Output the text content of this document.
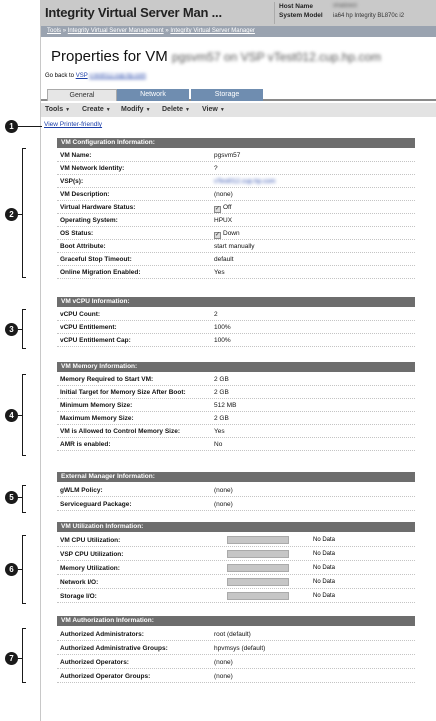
1
2
3
4
5
6
7
Integrity Virtual Server Man ...	Host Name	shadow3
System Model ia64 hp Integrity BL870c i2
Tools » Integrity Virtual Server Management » Integrity Virtual Server Manager
Properties for VM pgsvm57 on VSP vTest012.cup.hp.com
Go back to VSP vTest012.cup.hp.com
General	Network	Storage
Tools ▼ Create ▼ Modify ▼ Delete ▼ View ▼
View Printer-friendly
VM Configuration Information:
VM Name:	pgsvm57
VM Network Identity:	?
VSP(s):	vTest012.cup.hp.com
VM Description:	(none)
Virtual Hardware Status:	✓ Off
Operating System:	HPUX
OS Status:	✓ Down
Boot Attribute:	start manually
Graceful Stop Timeout:	default
Online Migration Enabled:	Yes
VM vCPU Information:
vCPU Count:	2
vCPU Entitlement:	100%
vCPU Entitlement Cap:	100%
VM Memory Information:
Memory Required to Start VM:	2 GB
Initial Target for Memory Size After Boot:	2 GB
Minimum Memory Size:	512 MB
Maximum Memory Size:	2 GB
VM is Allowed to Control Memory Size:	Yes
AMR is enabled:	No
External Manager Information:
gWLM Policy:	(none)
Serviceguard Package:	(none)
VM Utilization Information:
VM CPU Utilization:	No Data
VSP CPU Utilization:	No Data
Memory Utilization:	No Data
Network I/O:	No Data
Storage I/O:	No Data
VM Authorization Information:
Authorized Administrators:	root (default)
Authorized Administrative Groups:	hpvmsys (default)
Authorized Operators:	(none)
Authorized Operator Groups:	(none)
